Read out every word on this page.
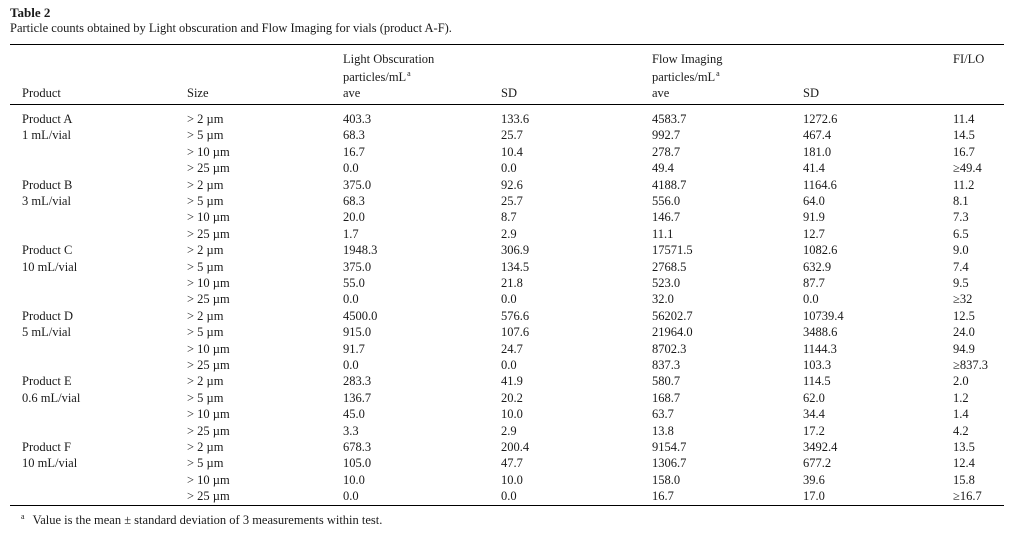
Table 2
Particle counts obtained by Light obscuration and Flow Imaging for vials (product A-F).
Product	Size
Light Obscuration
particles/$mL^a$
ave	SD
Flow Imaging
particles/$mL^a$
ave	SD
FI/LO
Product A
1 mL/vial
> 2 µm	403.3	133.6	4583.7	1272.6	11.4
> 5 µm	68.3	25.7	992.7	467.4	14.5
> 10 µm	16.7	10.4	278.7	181.0	16.7
> 25 µm	0.0	0.0	49.4	41.4	≥49.4
Product B
3 mL/vial
> 2 µm	375.0	92.6	4188.7	1164.6	11.2
> 5 µm	68.3	25.7	556.0	64.0	8.1
> 10 µm	20.0	8.7	146.7	91.9	7.3
> 25 µm	1.7	2.9	11.1	12.7	6.5
Product C
10 mL/vial
> 2 µm	1948.3	306.9	17571.5	1082.6	9.0
> 5 µm	375.0	134.5	2768.5	632.9	7.4
> 10 µm	55.0	21.8	523.0	87.7	9.5
> 25 µm	0.0	0.0	32.0	0.0	≥32
Product D
5 mL/vial
> 2 µm	4500.0	576.6	56202.7	10739.4	12.5
> 5 µm	915.0	107.6	21964.0	3488.6	24.0
> 10 µm	91.7	24.7	8702.3	1144.3	94.9
> 25 µm	0.0	0.0	837.3	103.3	≥837.3
Product E
0.6 mL/vial
> 2 µm	283.3	41.9	580.7	114.5	2.0
> 5 µm	136.7	20.2	168.7	62.0	1.2
> 10 µm	45.0	10.0	63.7	34.4	1.4
> 25 µm	3.3	2.9	13.8	17.2	4.2
Product F
10 mL/vial
> 2 µm	678.3	200.4	9154.7	3492.4	13.5
> 5 µm	105.0	47.7	1306.7	677.2	12.4
> 10 µm	10.0	10.0	158.0	39.6	15.8
> 25 µm	0.0	0.0	16.7	17.0	≥16.7
$^a$ Value is the mean ± standard deviation of 3 measurements within test.
